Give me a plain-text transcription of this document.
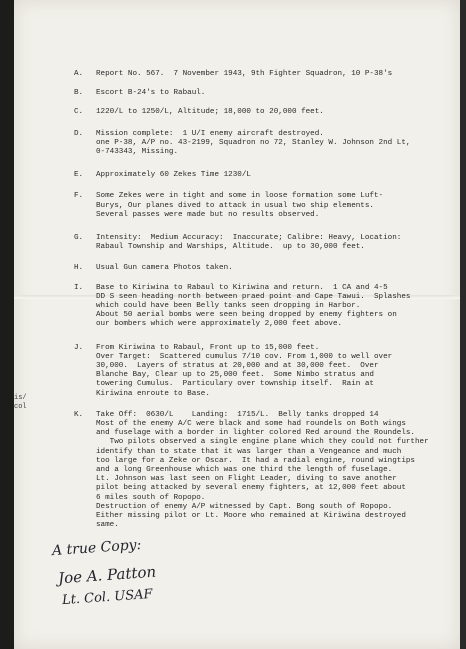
is/
col
A. Report No. 567.  7 November 1943, 9th Fighter Squadron, 10 P-38's
B. Escort B-24's to Rabaul.
C. 1220/L to 1250/L, Altitude; 18,000 to 20,000 feet.
D. Mission complete:  1 U/I enemy aircraft destroyed.
one P-38, A/P no. 43-2199, Squadron no 72, Stanley W. Johnson 2nd Lt,
0-743343, Missing.
E. Approximately 60 Zekes Time 1230/L
F. Some Zekes were in tight and some in loose formation some Luft-
Burys, Our planes dived to attack in usual two ship elements.
Several passes were made but no results observed.
G. Intensity:  Medium Accuracy:  Inaccurate; Calibre: Heavy, Location:
Rabaul Township and Warships, Altitude.  up to 30,000 feet.
H. Usual Gun camera Photos taken.
I. Base to Kiriwina to Rabaul to Kiriwina and return.  1 CA and 4-5
DD S seen heading north between praed point and Cape Tawui.  Splashes
which could have been Belly tanks seen dropping in Harbor.
About 50 aerial bombs were seen being dropped by enemy fighters on
our bombers which were approximately 2,000 feet above.
J. From Kiriwina to Rabaul, Front up to 15,000 feet.
Over Target:  Scattered cumulus 7/10 cov. From 1,000 to well over
30,000.  Layers of stratus at 20,000 and at 30,000 feet.  Over
Blanche Bay, Clear up to 25,000 feet.  Some Nimbo stratus and
towering Cumulus.  Particulary over township itself.  Rain at
Kiriwina enroute to Base.
K. Take Off:  0630/L    Landing:  1715/L.  Belly tanks dropped 14
Most of the enemy A/C were black and some had roundels on Both wings
and fuselage with a border in lighter colored Red around the Roundels.
Two pilots observed a single engine plane which they could not further
identify than to state that it was larger than a Vengeance and much
too large for a Zeke or Oscar.  It had a radial engine, round wingtips
and a long Greenhouse which was one third the length of fuselage.
Lt. Johnson was last seen on Flight Leader, diving to save another
pilot being attacked by several enemy fighters, at 12,000 feet about
6 miles south of Ropopo.
Destruction of enemy A/P witnessed by Capt. Bong south of Ropopo.
Either missing pilot or Lt. Moore who remained at Kiriwina destroyed
same.
A true Copy:
Joe A. Patton
Lt. Col. USAF
